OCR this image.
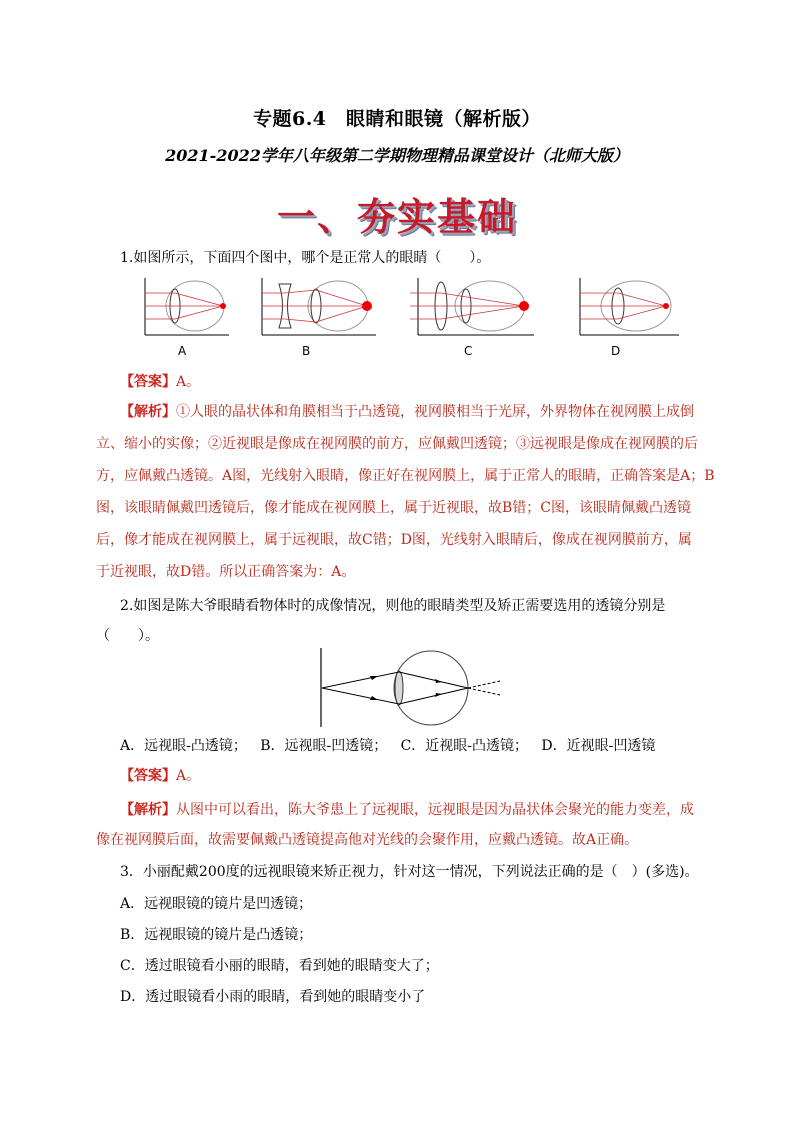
专题6.4　眼睛和眼镜（解析版）
2021-2022学年八年级第二学期物理精品课堂设计（北师大版）
一、夯实基础
1.如图所示，下面四个图中，哪个是正常人的眼睛（　　）。
A	B	C	D
【答案】A。
【解析】①人眼的晶状体和角膜相当于凸透镜，视网膜相当于光屏，外界物体在视网膜上成倒
立、缩小的实像；②近视眼是像成在视网膜的前方，应佩戴凹透镜；③远视眼是像成在视网膜的后
方，应佩戴凸透镜。A图，光线射入眼睛，像正好在视网膜上，属于正常人的眼睛，正确答案是A；B
图，该眼睛佩戴凹透镜后，像才能成在视网膜上，属于近视眼，故B错；C图，该眼睛佩戴凸透镜
后，像才能成在视网膜上，属于远视眼，故C错；D图，光线射入眼睛后，像成在视网膜前方，属
于近视眼，故D错。所以正确答案为：A。
2.如图是陈大爷眼睛看物体时的成像情况，则他的眼睛类型及矫正需要选用的透镜分别是
（　　）。
A．远视眼-凸透镜； B．远视眼-凹透镜； C．近视眼-凸透镜； D．近视眼-凹透镜
【答案】A。
【解析】从图中可以看出，陈大爷患上了远视眼，远视眼是因为晶状体会聚光的能力变差，成
像在视网膜后面，故需要佩戴凸透镜提高他对光线的会聚作用，应戴凸透镜。故A正确。
3．小丽配戴200度的远视眼镜来矫正视力，针对这一情况，下列说法正确的是（　）(多选)。
A．远视眼镜的镜片是凹透镜；
B．远视眼镜的镜片是凸透镜；
C．透过眼镜看小丽的眼睛，看到她的眼睛变大了；
D．透过眼镜看小雨的眼睛，看到她的眼睛变小了
